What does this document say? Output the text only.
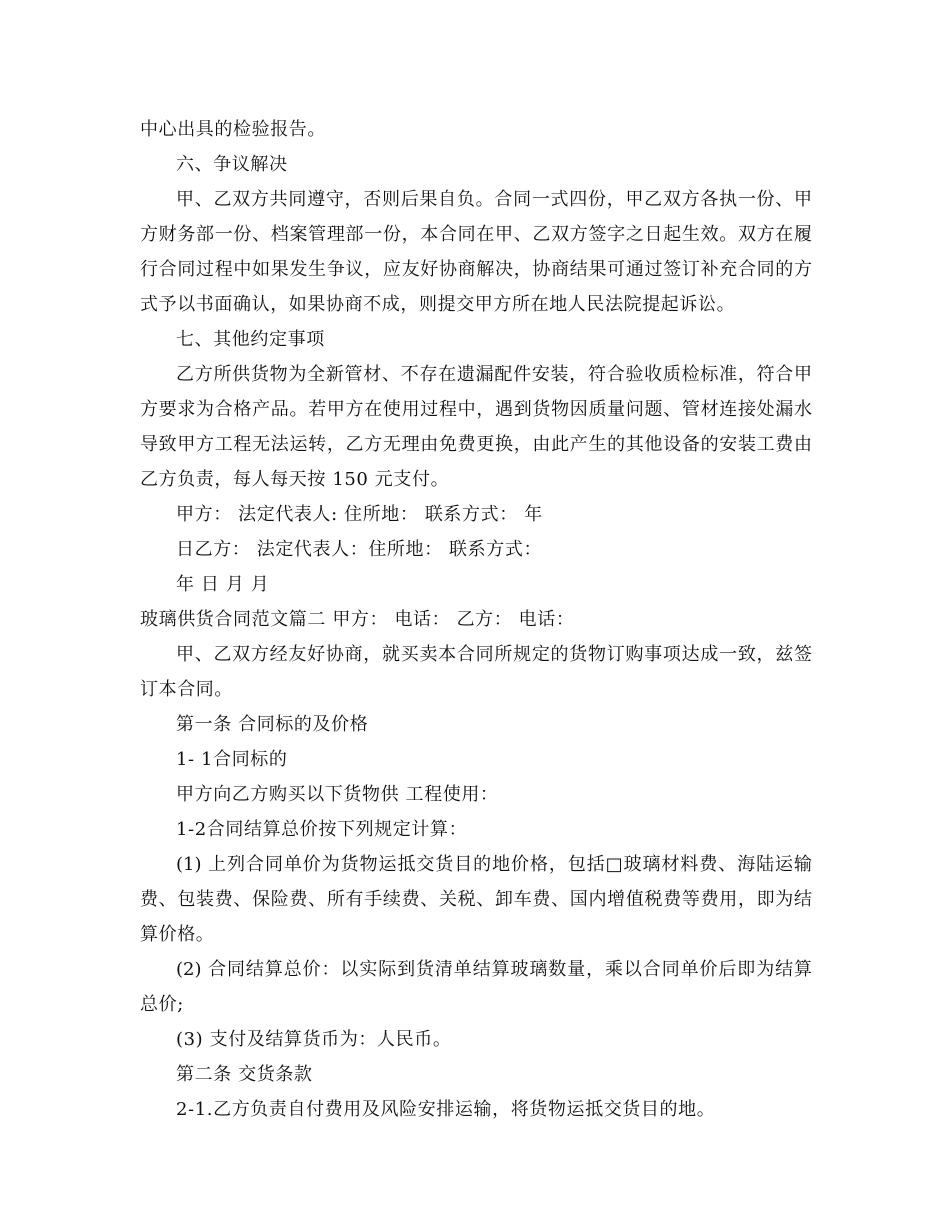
中心出具的检验报告。
六、争议解决
甲、乙双方共同遵守，否则后果自负。合同一式四份，甲乙双方各执一份、甲
方财务部一份、档案管理部一份，本合同在甲、乙双方签字之日起生效。双方在履
行合同过程中如果发生争议，应友好协商解决，协商结果可通过签订补充合同的方
式予以书面确认，如果协商不成，则提交甲方所在地人民法院提起诉讼。
七、其他约定事项
乙方所供货物为全新管材、不存在遗漏配件安装，符合验收质检标准，符合甲
方要求为合格产品。若甲方在使用过程中，遇到货物因质量问题、管材连接处漏水
导致甲方工程无法运转，乙方无理由免费更换，由此产生的其他设备的安装工费由
乙方负责，每人每天按 150 元支付。
甲方： 法定代表人: 住所地： 联系方式： 年
日乙方： 法定代表人：住所地： 联系方式：
年 日 月 月
玻璃供货合同范文篇二 甲方： 电话： 乙方： 电话：
甲、乙双方经友好协商，就买卖本合同所规定的货物订购事项达成一致，兹签
订本合同。
第一条 合同标的及价格
1- 1合同标的
甲方向乙方购买以下货物供 工程使用：
1-2合同结算总价按下列规定计算：
(1) 上列合同单价为货物运抵交货目的地价格，包括□玻璃材料费、海陆运输
费、包装费、保险费、所有手续费、关税、卸车费、国内增值税费等费用，即为结
算价格。
(2) 合同结算总价：以实际到货清单结算玻璃数量，乘以合同单价后即为结算
总价;
(3) 支付及结算货币为：人民币。
第二条 交货条款
2-1.乙方负责自付费用及风险安排运输，将货物运抵交货目的地。
